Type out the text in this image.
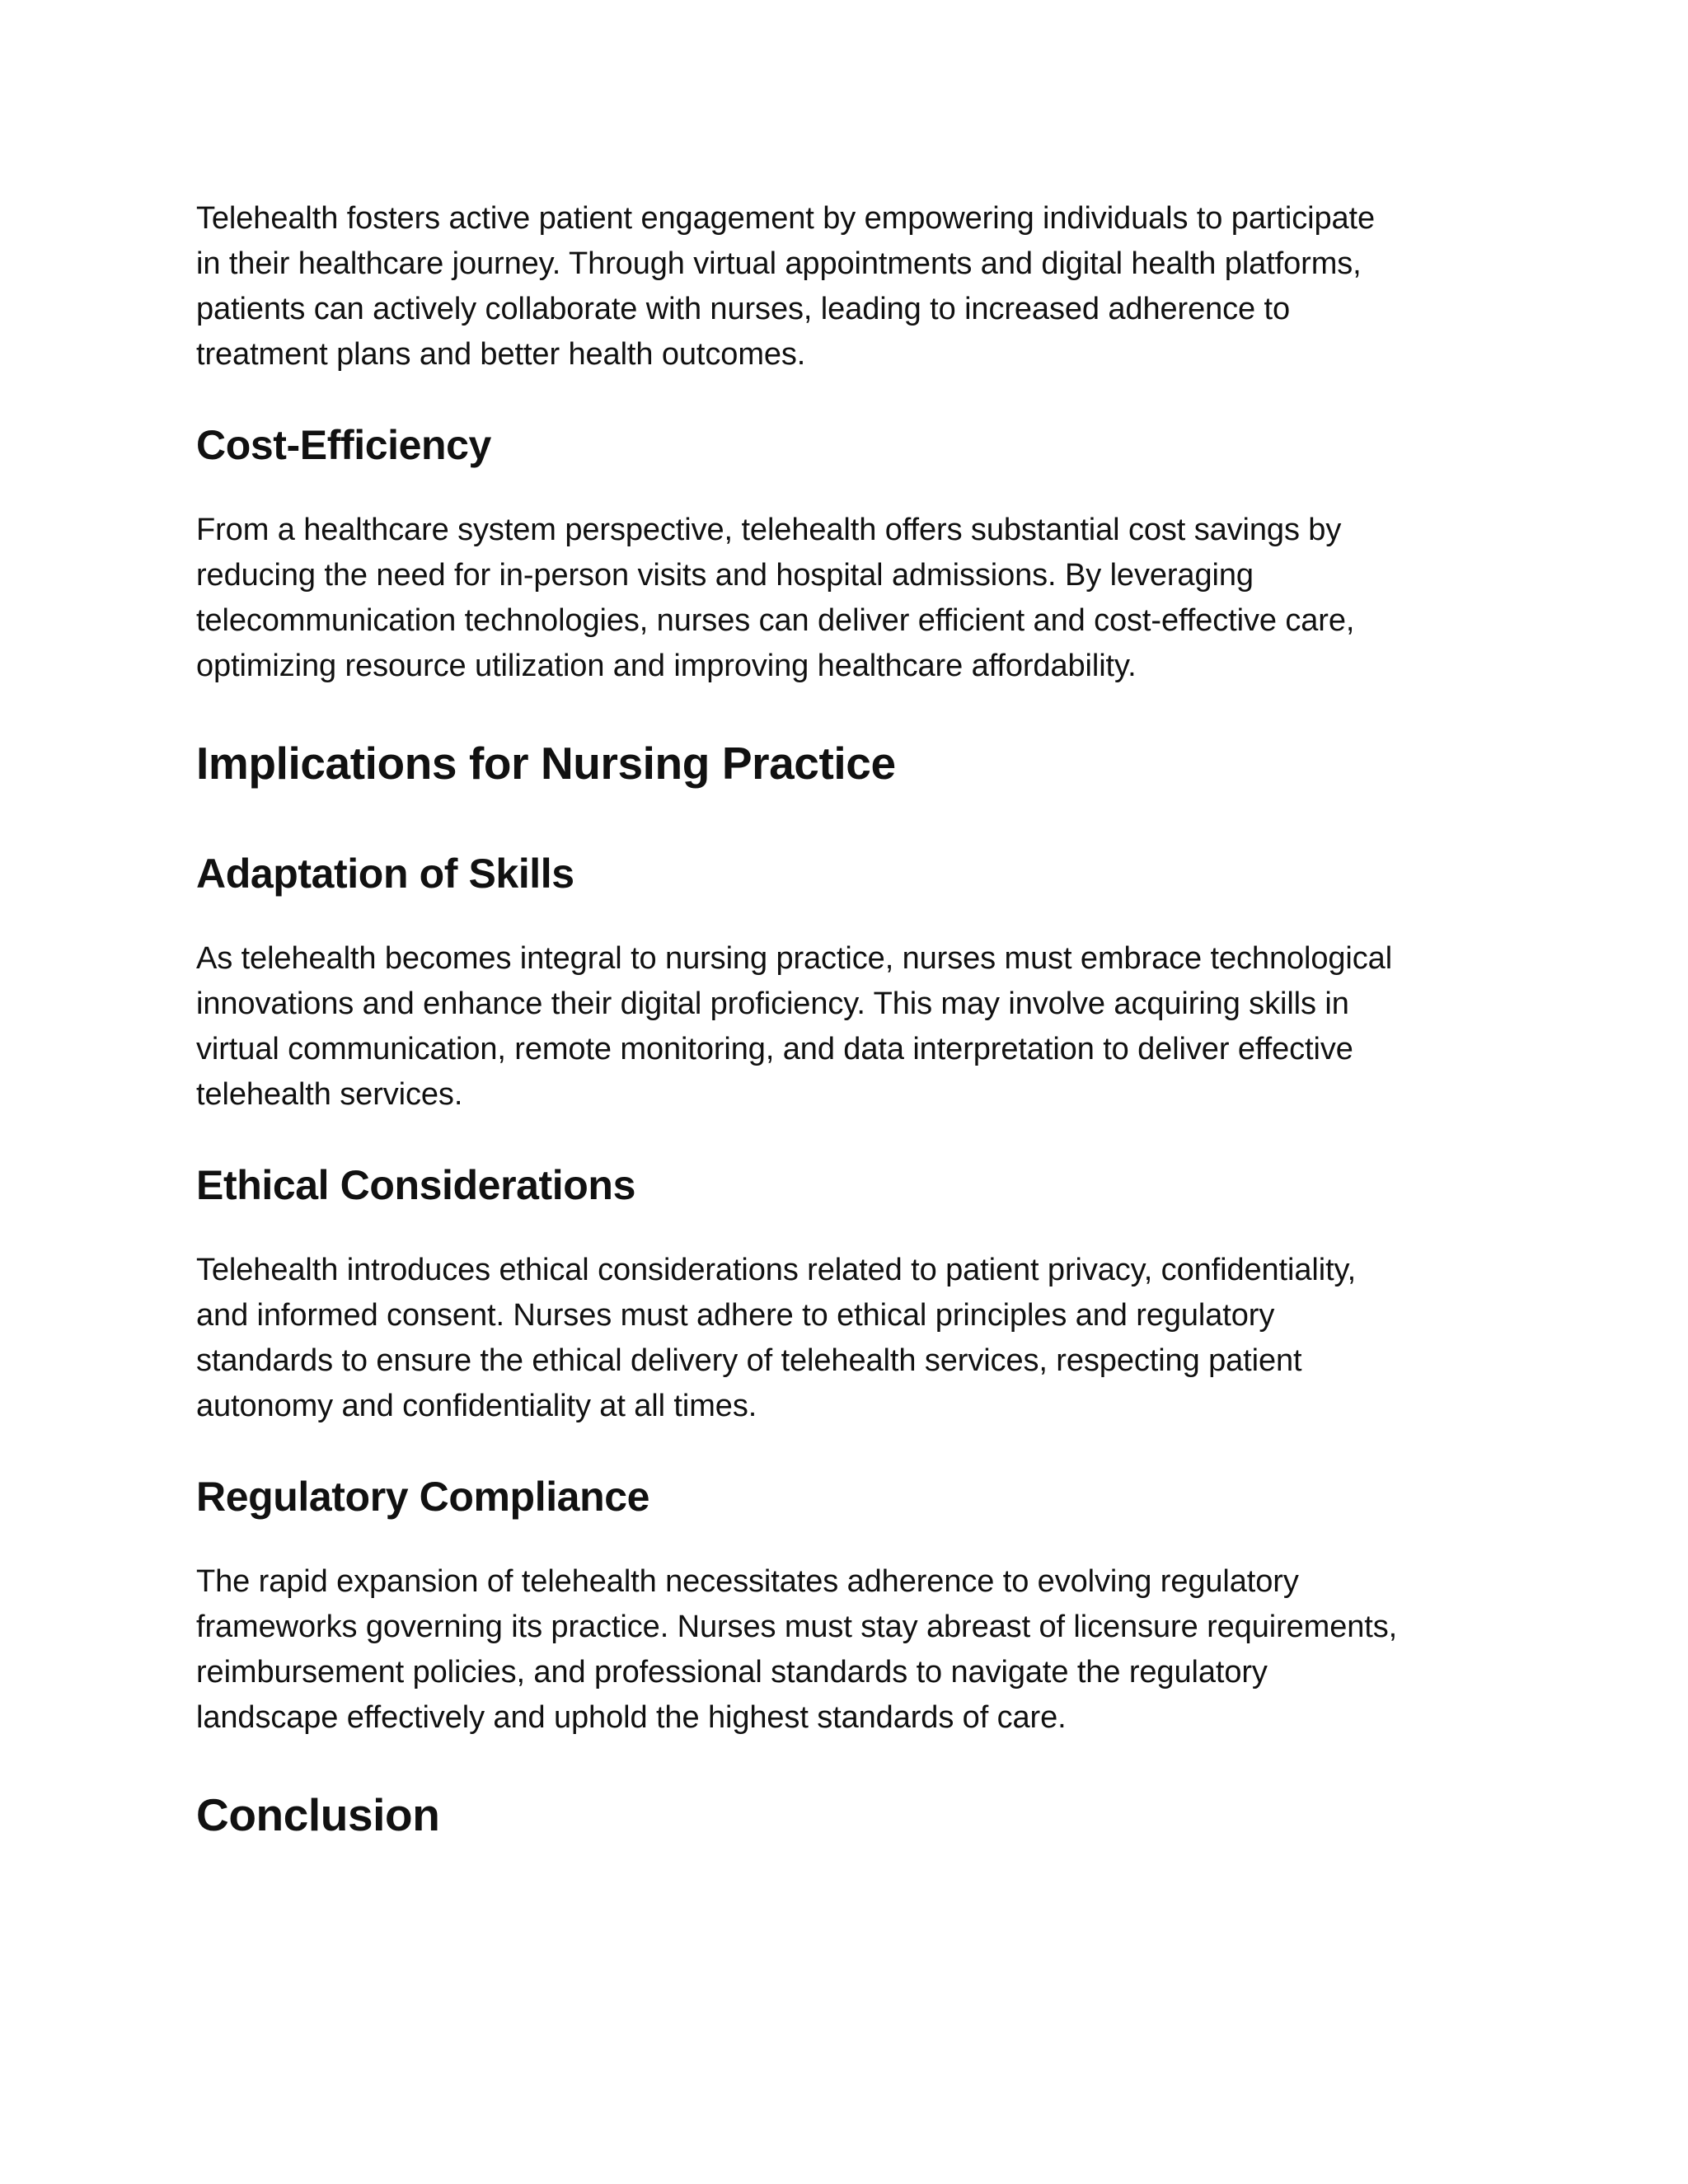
Telehealth fosters active patient engagement by empowering individuals to participate
in their healthcare journey. Through virtual appointments and digital health platforms,
patients can actively collaborate with nurses, leading to increased adherence to
treatment plans and better health outcomes.

Cost-Efficiency

From a healthcare system perspective, telehealth offers substantial cost savings by
reducing the need for in-person visits and hospital admissions. By leveraging
telecommunication technologies, nurses can deliver efficient and cost-effective care,
optimizing resource utilization and improving healthcare affordability.

Implications for Nursing Practice
Adaptation of Skills

As telehealth becomes integral to nursing practice, nurses must embrace technological
innovations and enhance their digital proficiency. This may involve acquiring skills in
virtual communication, remote monitoring, and data interpretation to deliver effective
telehealth services.

Ethical Considerations

Telehealth introduces ethical considerations related to patient privacy, confidentiality,
and informed consent. Nurses must adhere to ethical principles and regulatory
standards to ensure the ethical delivery of telehealth services, respecting patient
autonomy and confidentiality at all times.

Regulatory Compliance

The rapid expansion of telehealth necessitates adherence to evolving regulatory
frameworks governing its practice. Nurses must stay abreast of licensure requirements,
reimbursement policies, and professional standards to navigate the regulatory
landscape effectively and uphold the highest standards of care.

Conclusion
